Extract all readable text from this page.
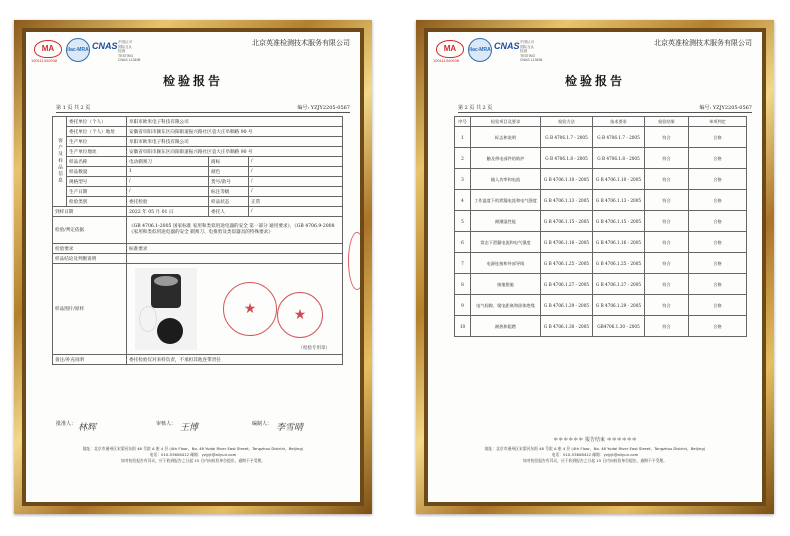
MA
190111340938
ilac-MRA CNAS 中国认可
国际互认
检测
TESTING
CNAS L13498
北京英准检测技术服务有限公司
检验报告
第 1 页 共 2 页	编号: YZJY2205-0567
客户及样品信息	委托单位（个人）	阜阳市欧米电子科技有限公司		
	委托单位（个人）地址	安徽省阜阳市颍东区向阳街道振兴路社区袁大庄阜顺路 90 号		
	生产单位	阜阳市欧米电子科技有限公司		
	生产单位地址	安徽省阜阳市颍东区向阳街道振兴路社区袁大庄阜顺路 90 号		
	样品名称	电动剃须刀	商标	/
	样品数量	1	颜色	/
	规格型号	/	货号/款号	/
	生产日期	/	标注等级	/
	检验类别	委托检验	样品状态	正常
到样日期		2022 年 05 月 01 日	委托人	/
检验/判定依据		《GB 4706.1-2005 国家标准 家用和类似用途电器的安全 第一部分 通用要求》，《GB 4706.9-2008《家用和类似用途电器的安全 剃须刀、电推剪及类似器具的特殊要求》		
检验要求		标准要求		
样品结论及判断说明				
样品图片/原样		★ ★
（检验专用章）		

备注/补充说明		委托检验仅对来样负责，不承担其他连带责任		
批准人： 林辉	审核人： 王博	编制人： 李雪晴
地址：北京市通州区宋梁河东街 46 号院 A 座 4 层 (4th Floor，No. 46 Yudai River East Street，Tongzhou District，Beijing)
电话：010-53608412 邮箱：yzjyjt@aliyun.com
如对检验报告有异议，应于收到报告之日起 15 日内向检验单位提出，逾期不予受理。
MA
190111340938
ilac-MRA CNAS 中国认可
国际互认
检测
TESTING
CNAS L13498
北京英准检测技术服务有限公司
检验报告
第 2 页 共 2 页	编号: YZJY2205-0567
序号	检验项目及要求	检验方法	技术要求	检验结果	单项判定
1	标志和说明	G B 4706.1.7 - 2005	G B 4706.1.7 - 2005	符合	合格
2	触及带电部件的防护	G B 4706.1.8 - 2005	G B 4706.1.8 - 2005	符合	合格
3	输入功率和电流	G B 4706.1.10 - 2005	G B 4706.1.10 - 2005	符合	合格
4	工作温度下的泄漏电流和电气强度	G B 4706.1.13 - 2005	G B 4706.1.13 - 2005	符合	合格
5	耐潮湿性能	G B 4706.1.15 - 2005	G B 4706.1.15 - 2005	符合	合格
6	常态下泄漏电流和电气强度	G B 4706.1.16 - 2005	G B 4706.1.16 - 2005	符合	合格
7	电源连接和外部导线	G B 4706.1.25 - 2005	G B 4706.1.25 - 2005	符合	合格
8	接地措施	G B 4706.1.27 - 2005	G B 4706.1.27 - 2005	符合	合格
9	电气间隙、爬电距离和固体绝缘	G B 4706.1.29 - 2005	G B 4706.1.29 - 2005	符合	合格
10	耐热和阻燃	G B 4706.1.30 - 2005	GB4706.1.30 - 2005	符合	合格
＊＊＊＊＊＊ 报告结束 ＊＊＊＊＊＊
地址：北京市通州区宋梁河东街 46 号院 A 座 4 层 (4th Floor，No. 46 Yudai River East Street，Tongzhou District，Beijing)
电话：010-53608412 邮箱：yzjyjt@aliyun.com
如对检验报告有异议，应于收到报告之日起 15 日内向检验单位提出，逾期不予受理。
